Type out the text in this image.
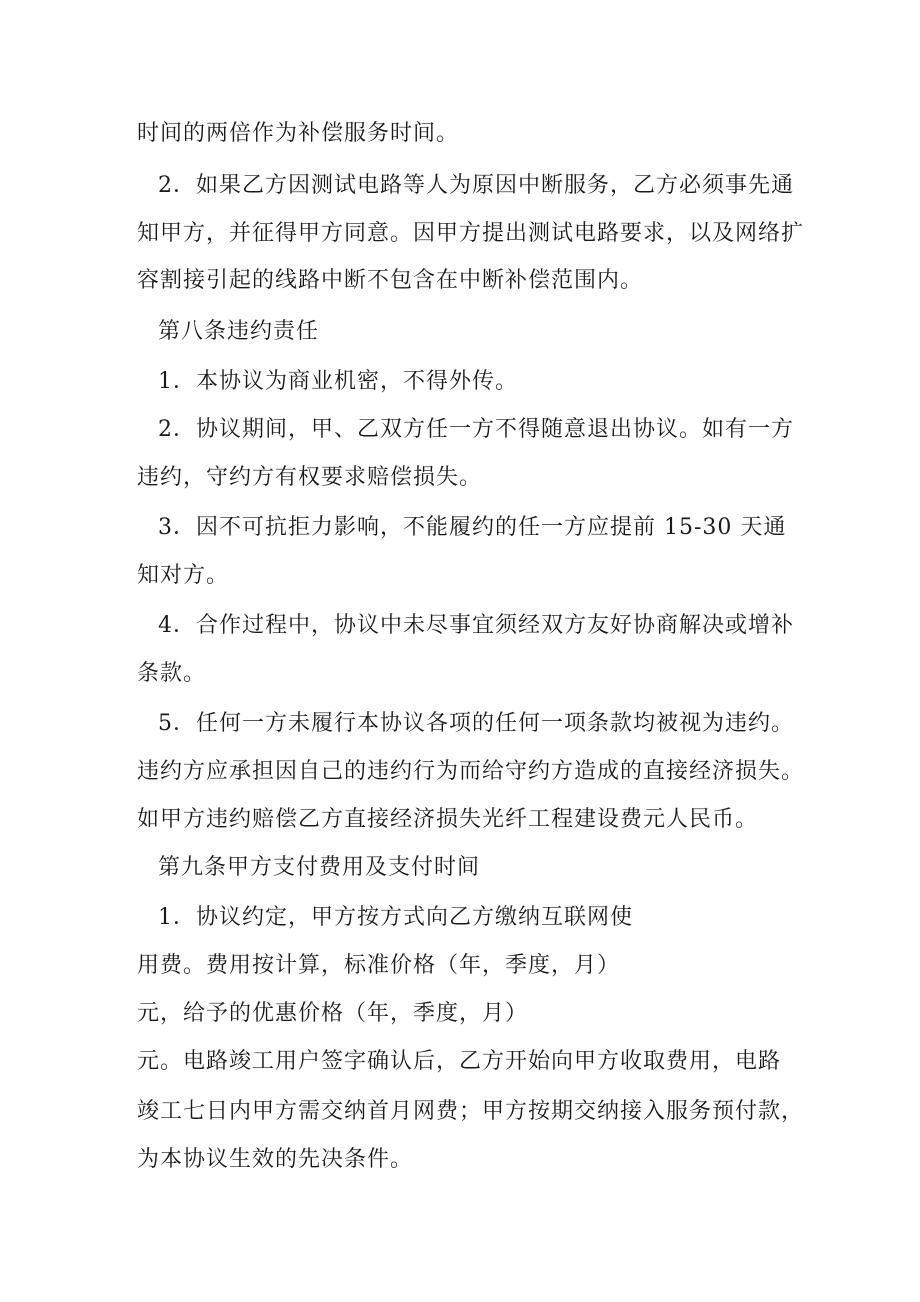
时间的两倍作为补偿服务时间。
2．如果乙方因测试电路等人为原因中断服务，乙方必须事先通
知甲方，并征得甲方同意。因甲方提出测试电路要求，以及网络扩
容割接引起的线路中断不包含在中断补偿范围内。
第八条违约责任
1．本协议为商业机密，不得外传。
2．协议期间，甲、乙双方任一方不得随意退出协议。如有一方
违约，守约方有权要求赔偿损失。
3．因不可抗拒力影响，不能履约的任一方应提前 15-30 天通
知对方。
4．合作过程中，协议中未尽事宜须经双方友好协商解决或增补
条款。
5．任何一方未履行本协议各项的任何一项条款均被视为违约。
违约方应承担因自己的违约行为而给守约方造成的直接经济损失。
如甲方违约赔偿乙方直接经济损失光纤工程建设费元人民币。
第九条甲方支付费用及支付时间
1．协议约定，甲方按方式向乙方缴纳互联网使
用费。费用按计算，标准价格（年，季度，月）
元，给予的优惠价格（年，季度，月）
元。电路竣工用户签字确认后，乙方开始向甲方收取费用，电路
竣工七日内甲方需交纳首月网费；甲方按期交纳接入服务预付款，
为本协议生效的先决条件。
